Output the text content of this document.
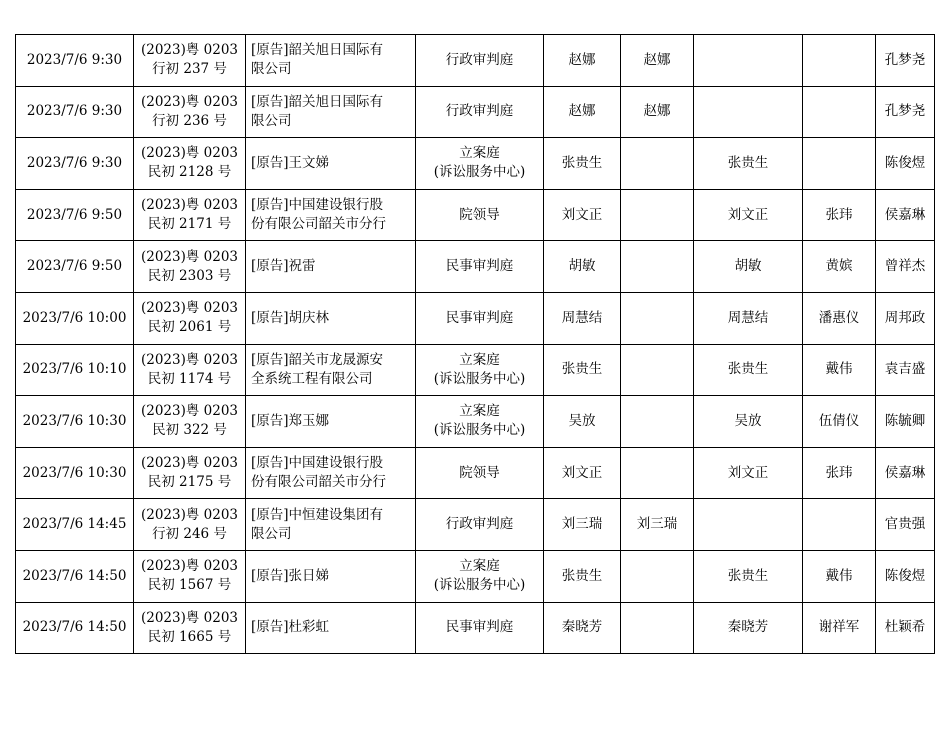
2023/7/6 9:30	(2023)粤 0203
行初 237 号	[原告]韶关旭日国际有
限公司	行政审判庭	赵娜	赵娜			孔梦尧

2023/7/6 9:30	(2023)粤 0203
行初 236 号	[原告]韶关旭日国际有
限公司	行政审判庭	赵娜	赵娜			孔梦尧

2023/7/6 9:30	(2023)粤 0203
民初 2128 号	[原告]王文娣	立案庭
(诉讼服务中心)	张贵生		张贵生		陈俊煜

2023/7/6 9:50	(2023)粤 0203
民初 2171 号	[原告]中国建设银行股
份有限公司韶关市分行	院领导	刘文正		刘文正	张玮	侯嘉琳

2023/7/6 9:50	(2023)粤 0203
民初 2303 号	[原告]祝雷	民事审判庭	胡敏		胡敏	黄嫔	曾祥杰

2023/7/6 10:00	(2023)粤 0203
民初 2061 号	[原告]胡庆林	民事审判庭	周慧结		周慧结	潘惠仪	周邦政

2023/7/6 10:10	(2023)粤 0203
民初 1174 号	[原告]韶关市龙晟源安
全系统工程有限公司	立案庭
(诉讼服务中心)	张贵生		张贵生	戴伟	袁吉盛

2023/7/6 10:30	(2023)粤 0203
民初 322 号	[原告]郑玉娜	立案庭
(诉讼服务中心)	吴放		吴放	伍倩仪	陈毓卿

2023/7/6 10:30	(2023)粤 0203
民初 2175 号	[原告]中国建设银行股
份有限公司韶关市分行	院领导	刘文正		刘文正	张玮	侯嘉琳

2023/7/6 14:45	(2023)粤 0203
行初 246 号	[原告]中恒建设集团有
限公司	行政审判庭	刘三瑞	刘三瑞			官贵强

2023/7/6 14:50	(2023)粤 0203
民初 1567 号	[原告]张日娣	立案庭
(诉讼服务中心)	张贵生		张贵生	戴伟	陈俊煜

2023/7/6 14:50	(2023)粤 0203
民初 1665 号	[原告]杜彩虹	民事审判庭	秦晓芳		秦晓芳	谢祥军	杜颖希
